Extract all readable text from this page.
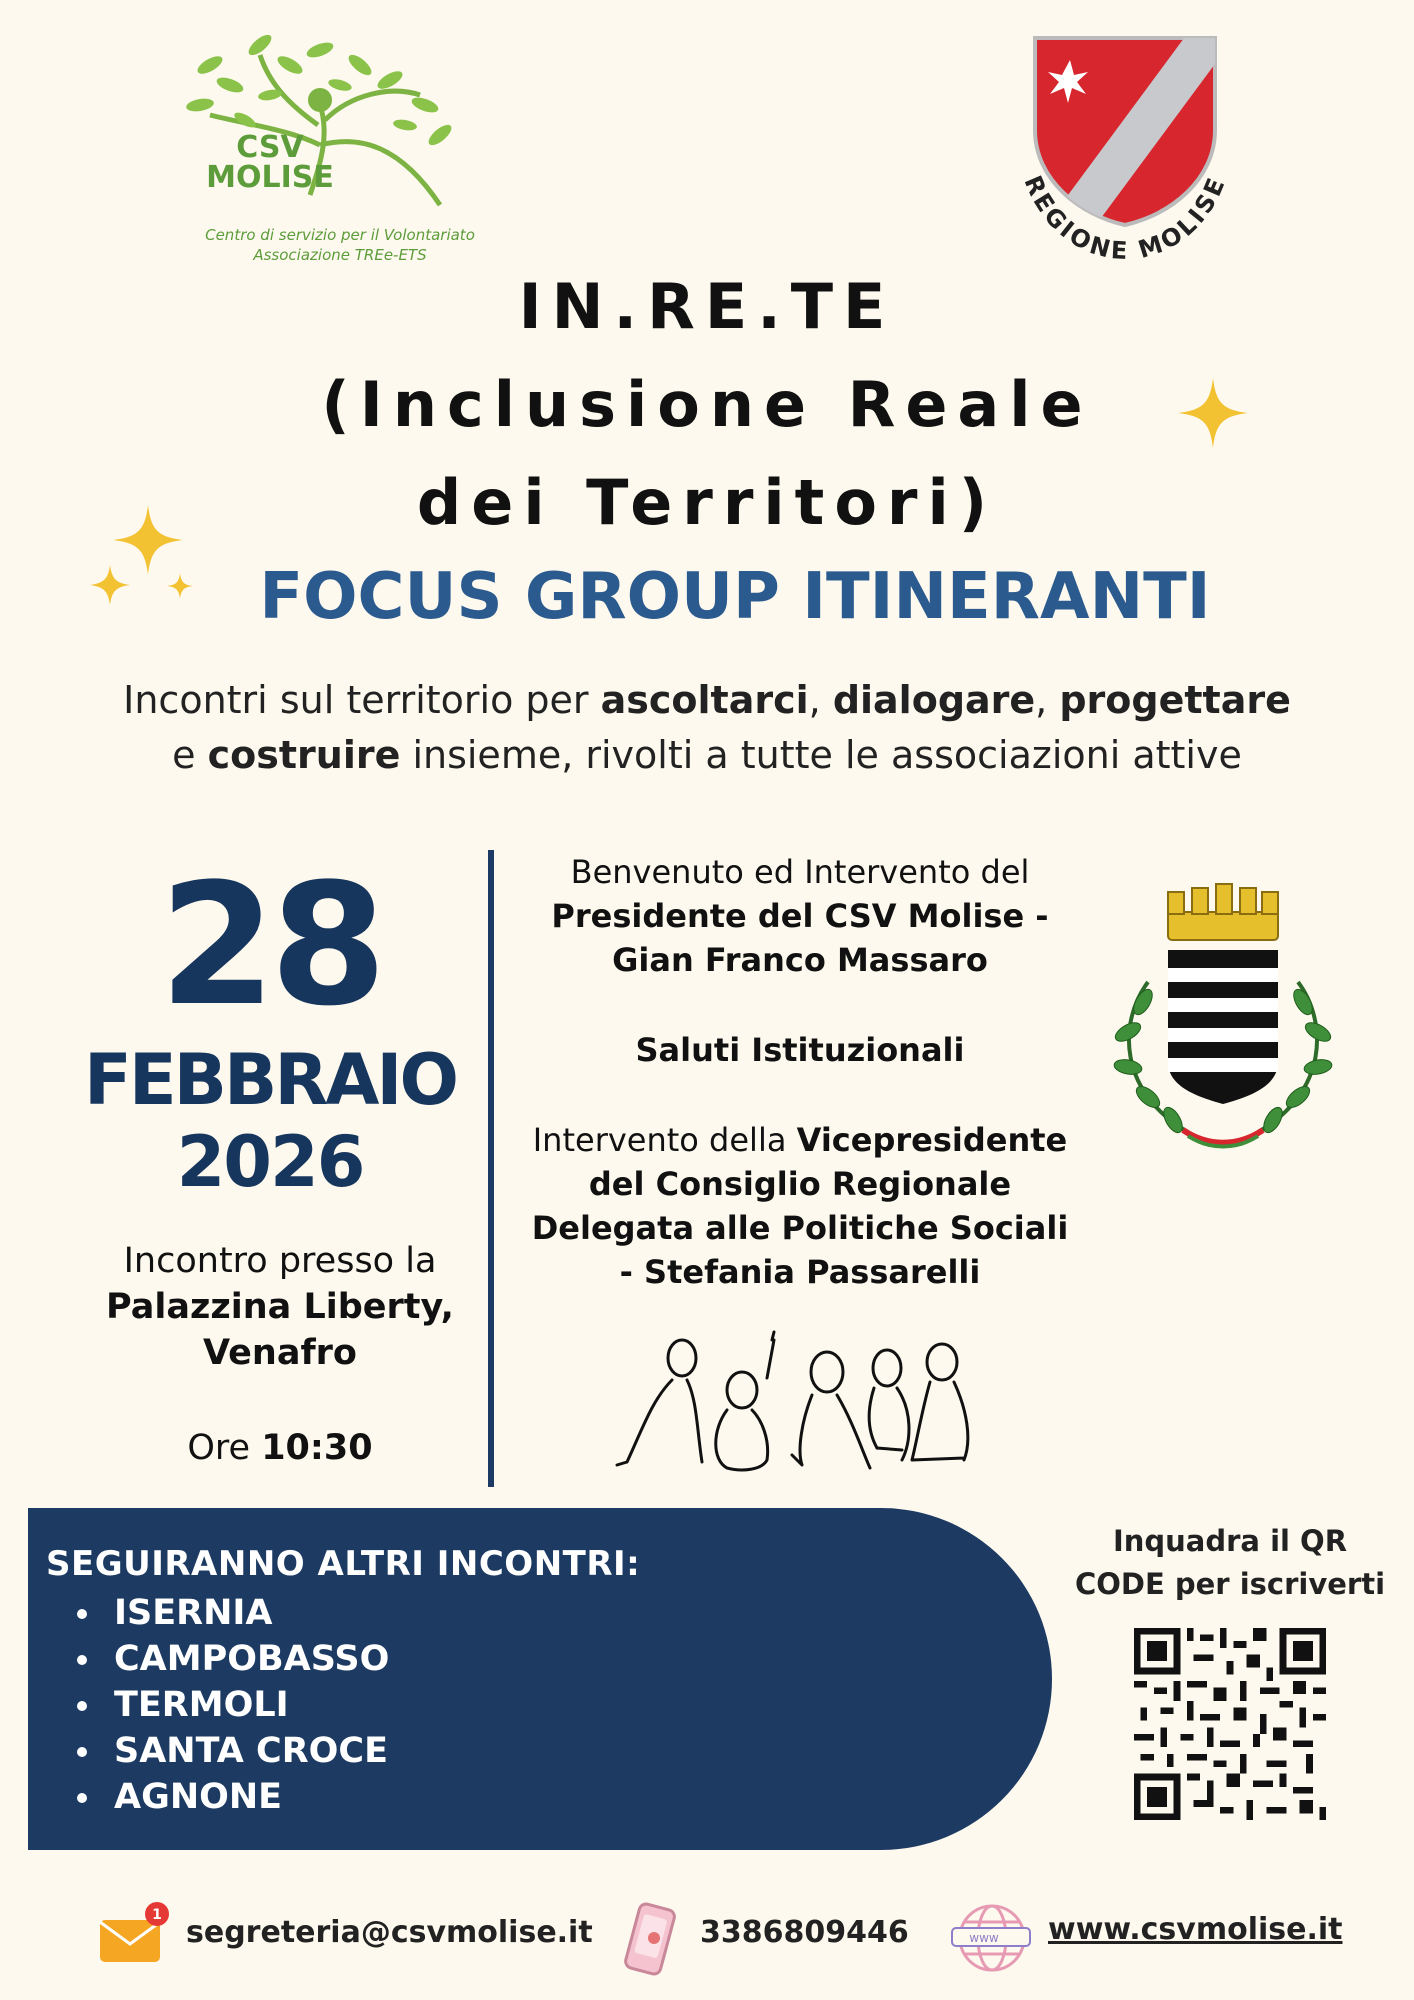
CSV
MOLISE
Centro di servizio per il Volontariato
Associazione TREe-ETS
REGIONE MOLISE
IN.RE.TE
(Inclusione Reale
dei Territori)
FOCUS GROUP ITINERANTI
Incontri sul territorio per ascoltarci, dialogare, progettare
e costruire insieme, rivolti a tutte le associazioni attive
28
FEBBRAIO
2026
Incontro presso la
Palazzina Liberty,
Venafro
Ore 10:30

Benvenuto ed Intervento del
Presidente del CSV Molise -
Gian Franco Massaro

Saluti Istituzionali

Intervento della Vicepresidente
del Consiglio Regionale
Delegata alle Politiche Sociali
- Stefania Passarelli

SEGUIRANNO ALTRI INCONTRI:
• ISERNIA
• CAMPOBASSO
• TERMOLI
• SANTA CROCE
• AGNONE
Inquadra il QR
CODE per iscriverti
1 segreteria@csvmolise.it	3386809446	www www.csvmolise.it
